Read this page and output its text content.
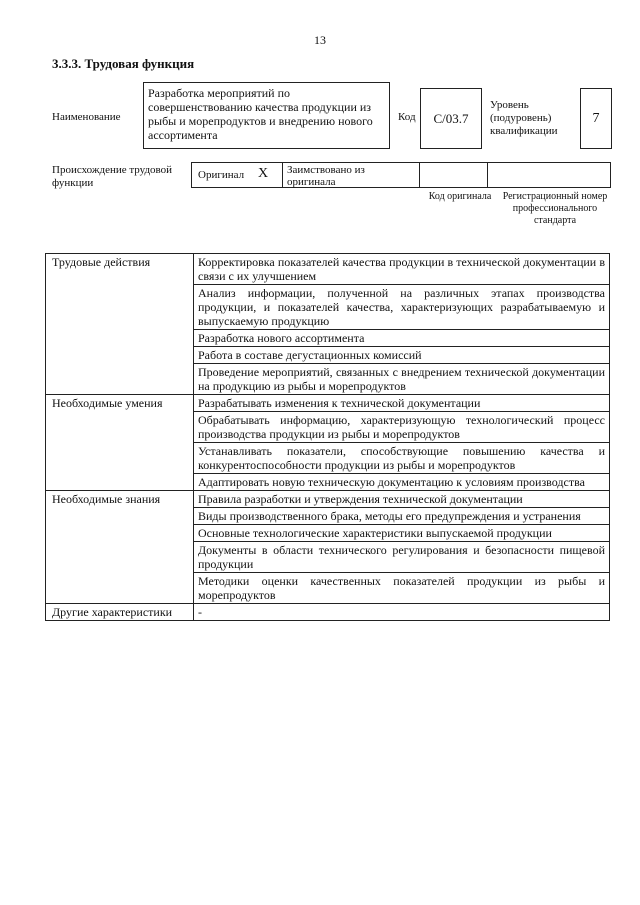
13
3.3.3. Трудовая функция
Наименование
Разработка мероприятий по совершенствованию качества продукции из рыбы и морепродуктов и внедрению нового ассортимента
Код	C/03.7
Уровень (подуровень) квалификации
7
Происхождение трудовой функции
Оригинал X	Заимствовано из оригинала
Код оригинала	Регистрационный номер профессионального стандарта
Трудовые действия	Корректировка показателей качества продукции в технической документации в связи с их улучшением
	Анализ информации, полученной на различных этапах производства продукции, и показателей качества, характеризующих разрабатываемую и выпускаемую продукцию
	Разработка нового ассортимента
	Работа в составе дегустационных комиссий
	Проведение мероприятий, связанных с внедрением технической документации на продукцию из рыбы и морепродуктов
Необходимые умения	Разрабатывать изменения к технической документации
	Обрабатывать информацию, характеризующую технологический процесс производства продукции из рыбы и морепродуктов
	Устанавливать показатели, способствующие повышению качества и конкурентоспособности продукции из рыбы и морепродуктов
	Адаптировать новую техническую документацию к условиям производства
Необходимые знания	Правила разработки и утверждения технической документации
	Виды производственного брака, методы его предупреждения и устранения
	Основные технологические характеристики выпускаемой продукции
	Документы в области технического регулирования и безопасности пищевой продукции
	Методики оценки качественных показателей продукции из рыбы и морепродуктов
Другие характеристики	-
